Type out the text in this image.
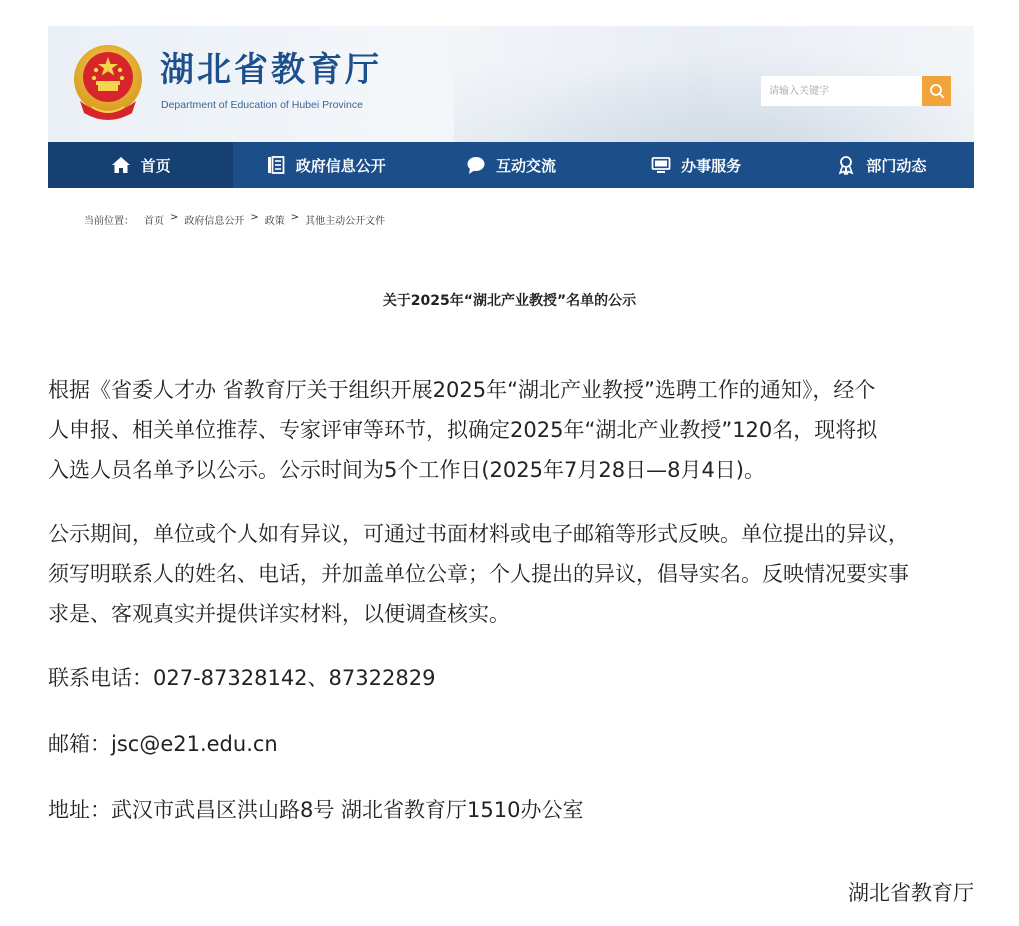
湖北省教育厅
Department of Education of Hubei Province
请输入关键字
首页	政府信息公开	互动交流	办事服务	部门动态
当前位置：	首页 > 政府信息公开 > 政策 > 其他主动公开文件
关于2025年“湖北产业教授”名单的公示

根据《省委人才办 省教育厅关于组织开展2025年“湖北产业教授”选聘工作的通知》，经个
人申报、相关单位推荐、专家评审等环节，拟确定2025年“湖北产业教授”120名，现将拟
入选人员名单予以公示。公示时间为5个工作日(2025年7月28日—8月4日)。

公示期间，单位或个人如有异议，可通过书面材料或电子邮箱等形式反映。单位提出的异议，
须写明联系人的姓名、电话，并加盖单位公章；个人提出的异议，倡导实名。反映情况要实事
求是、客观真实并提供详实材料，以便调查核实。

联系电话：027-87328142、87322829
邮箱：jsc@e21.edu.cn
地址：武汉市武昌区洪山路8号 湖北省教育厅1510办公室
湖北省教育厅
